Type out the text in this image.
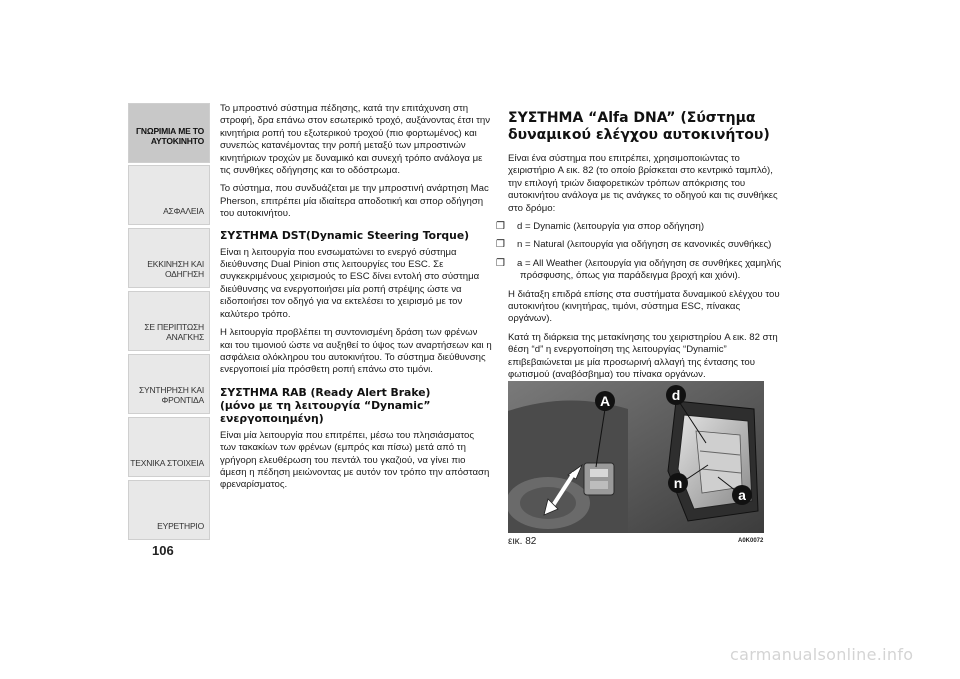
ΓΝΩΡΙΜΙΑ ΜΕ ΤΟ ΑΥΤΟΚΙΝΗΤΟ
ΑΣΦΑΛΕΙΑ
ΕΚΚΙΝΗΣΗ ΚΑΙ ΟΔΗΓΗΣΗ
ΣΕ ΠΕΡΙΠΤΩΣΗ ΑΝΑΓΚΗΣ
ΣΥΝΤΗΡΗΣΗ ΚΑΙ ΦΡΟΝΤΙΔΑ
ΤΕΧΝΙΚΑ ΣΤΟΙΧΕΙΑ
ΕΥΡΕΤΗΡΙΟ
106

Το μπροστινό σύστημα πέδησης, κατά την επιτάχυνση στη στροφή, δρα επάνω στον εσωτερικό τροχό, αυξάνοντας έτσι την κινητήρια ροπή του εξωτερικού τροχού (πιο φορτωμένος) και συνεπώς κατανέμοντας την ροπή μεταξύ των μπροστινών κινητήριων τροχών με δυναμικό και συνεχή τρόπο ανάλογα με τις συνθήκες οδήγησης και το οδόστρωμα.

Το σύστημα, που συνδυάζεται με την μπροστινή ανάρτηση Mac Pherson, επιτρέπει μία ιδιαίτερα αποδοτική και σπορ οδήγηση του αυτοκινήτου.

ΣΥΣΤΗΜΑ DST(Dynamic Steering Torque)

Είναι η λειτουργία που ενσωματώνει το ενεργό σύστημα διεύθυνσης Dual Pinion στις λειτουργίες του ESC. Σε συγκεκριμένους χειρισμούς το ESC δίνει εντολή στο σύστημα διεύθυνσης να ενεργοποιήσει μία ροπή στρέψης ώστε να ειδοποιήσει τον οδηγό για να εκτελέσει το χειρισμό με τον καλύτερο τρόπο.

Η λειτουργία προβλέπει τη συντονισμένη δράση των φρένων και του τιμονιού ώστε να αυξηθεί το ύψος των αναρτήσεων και η ασφάλεια ολόκληρου του αυτοκινήτου. Το σύστημα διεύθυνσης ενεργοποιεί μία πρόσθετη ροπή επάνω στο τιμόνι.

ΣΥΣΤΗΜΑ RAB (Ready Alert Brake)
(μόνο με τη λειτουργία “Dynamic”
ενεργοποιημένη)

Είναι μία λειτουργία που επιτρέπει, μέσω του πλησιάσματος των τακακίων των φρένων (εμπρός και πίσω) μετά από τη γρήγορη ελευθέρωση του πεντάλ του γκαζιού, να γίνει πιο άμεση η πέδηση μειώνοντας με αυτόν τον τρόπο την απόσταση φρεναρίσματος.

ΣΥΣΤΗΜΑ “Alfa DNA” (Σύστημα
δυναμικού ελέγχου αυτοκινήτου)

Είναι ένα σύστημα που επιτρέπει, χρησιμοποιώντας το χειριστήριο A εικ. 82 (το οποίο βρίσκεται στο κεντρικό ταμπλό), την επιλογή τριών διαφορετικών τρόπων απόκρισης του αυτοκινήτου ανάλογα με τις ανάγκες το οδηγού και τις συνθήκες στο δρόμο:

❒ d = Dynamic (λειτουργία για σπορ οδήγηση)

❒ n = Natural (λειτουργία για οδήγηση σε κανονικές συνθήκες)

❒ a = All Weather (λειτουργία για οδήγηση σε συνθήκες χαμηλής πρόσφυσης, όπως για παράδειγμα βροχή και χιόνι).

Η διάταξη επιδρά επίσης στα συστήματα δυναμικού ελέγχου του αυτοκινήτου (κινητήρας, τιμόνι, σύστημα ESC, πίνακας οργάνων).

Κατά τη διάρκεια της μετακίνησης του χειριστηρίου A εικ. 82 στη θέση “d” η ενεργοποίηση της λειτουργίας “Dynamic” επιβεβαιώνεται με μία προσωρινή αλλαγή της έντασης του φωτισμού (αναβόσβημα) του πίνακα οργάνων.

A	d
n
a
εικ. 82	A0K0072
carmanualsonline.info
